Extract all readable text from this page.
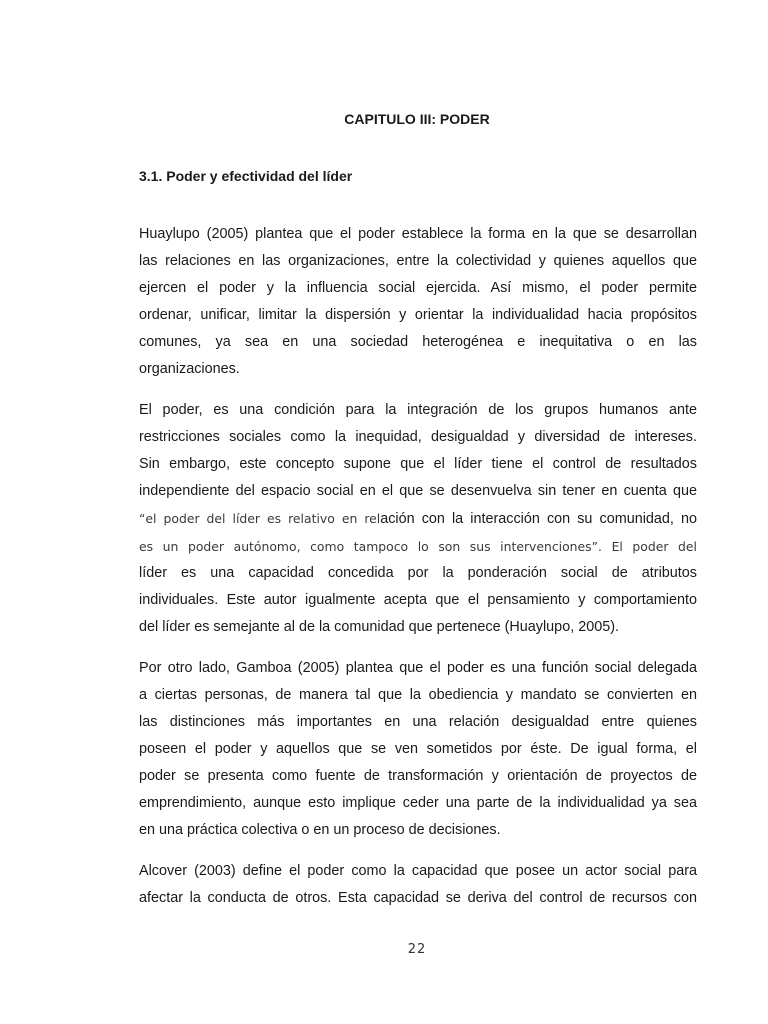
CAPITULO III: PODER
3.1. Poder y efectividad del líder

Huaylupo (2005) plantea que el poder establece la forma en la que se desarrollan
las relaciones en las organizaciones, entre la colectividad y quienes aquellos que
ejercen el poder y la influencia social ejercida. Así mismo, el poder permite
ordenar, unificar, limitar la dispersión y orientar la individualidad hacia propósitos
comunes, ya sea en una sociedad heterogénea e inequitativa o en las
organizaciones.

El poder, es una condición para la integración de los grupos humanos ante
restricciones sociales como la inequidad, desigualdad y diversidad de intereses.
Sin embargo, este concepto supone que el líder tiene el control de resultados
independiente del espacio social en el que se desenvuelva sin tener en cuenta que
“el poder del líder es relativo en relación con la interacción con su comunidad, no
es un poder autónomo, como tampoco lo son sus intervenciones”. El poder del
líder es una capacidad concedida por la ponderación social de atributos
individuales. Este autor igualmente acepta que el pensamiento y comportamiento
del líder es semejante al de la comunidad que pertenece (Huaylupo, 2005).

Por otro lado, Gamboa (2005) plantea que el poder es una función social delegada
a ciertas personas, de manera tal que la obediencia y mandato se convierten en
las distinciones más importantes en una relación desigualdad entre quienes
poseen el poder y aquellos que se ven sometidos por éste. De igual forma, el
poder se presenta como fuente de transformación y orientación de proyectos de
emprendimiento, aunque esto implique ceder una parte de la individualidad ya sea
en una práctica colectiva o en un proceso de decisiones.

Alcover (2003) define el poder como la capacidad que posee un actor social para
afectar la conducta de otros. Esta capacidad se deriva del control de recursos con

22
